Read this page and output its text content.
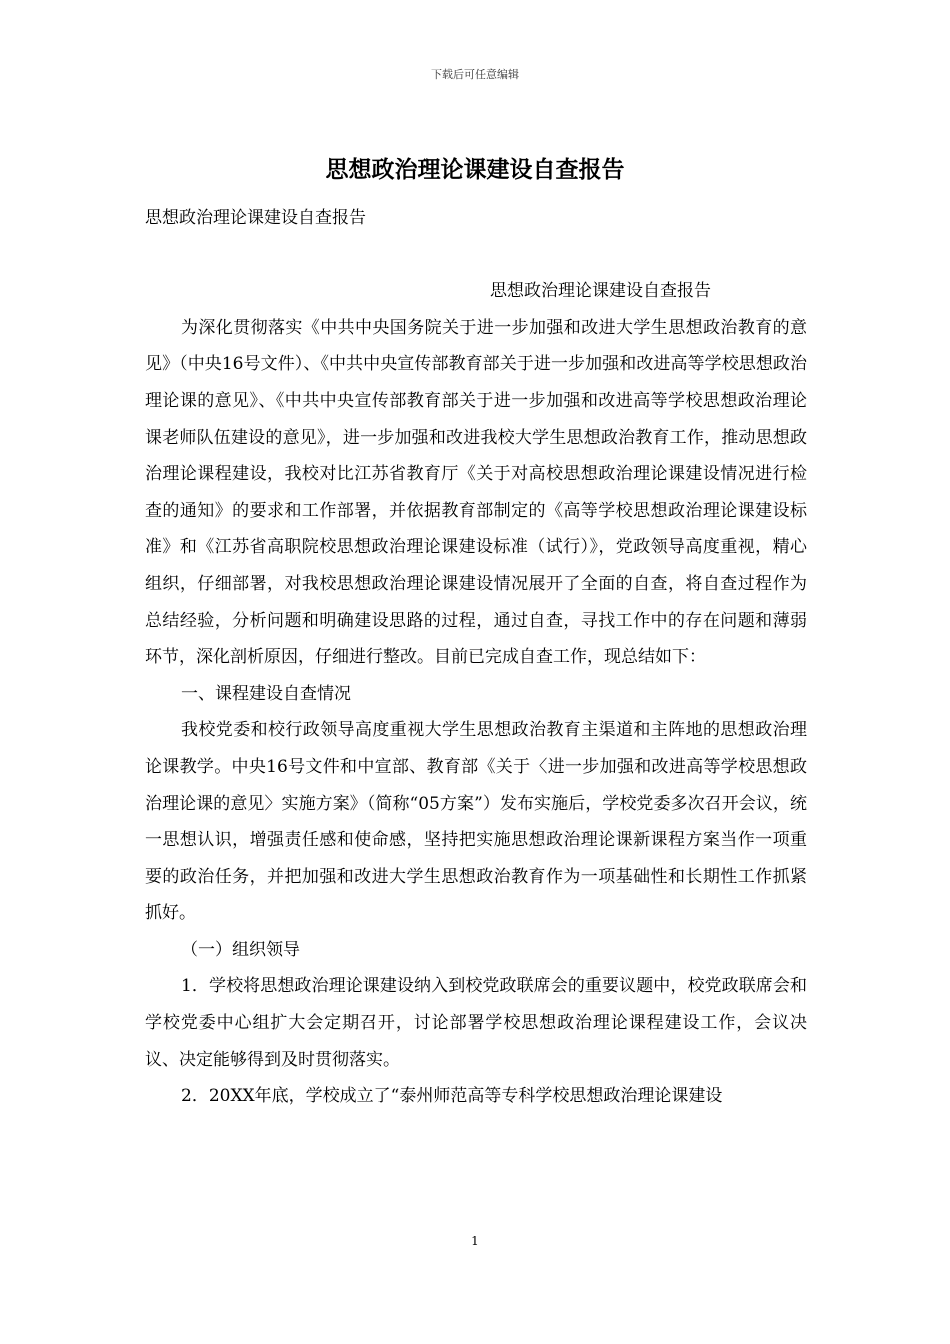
下载后可任意编辑
思想政治理论课建设自查报告

思想政治理论课建设自查报告

思想政治理论课建设自查报告

为深化贯彻落实《中共中央国务院关于进一步加强和改进大学生思想政治教育的意见》（中央16号文件）、《中共中央宣传部教育部关于进一步加强和改进高等学校思想政治理论课的意见》、《中共中央宣传部教育部关于进一步加强和改进高等学校思想政治理论课老师队伍建设的意见》，进一步加强和改进我校大学生思想政治教育工作，推动思想政治理论课程建设，我校对比江苏省教育厅《关于对高校思想政治理论课建设情况进行检查的通知》的要求和工作部署，并依据教育部制定的《高等学校思想政治理论课建设标准》和《江苏省高职院校思想政治理论课建设标准（试行）》，党政领导高度重视，精心组织，仔细部署，对我校思想政治理论课建设情况展开了全面的自查，将自查过程作为总结经验，分析问题和明确建设思路的过程，通过自查，寻找工作中的存在问题和薄弱环节，深化剖析原因，仔细进行整改。目前已完成自查工作，现总结如下：

一、课程建设自查情况

我校党委和校行政领导高度重视大学生思想政治教育主渠道和主阵地的思想政治理论课教学。中央16号文件和中宣部、教育部《关于〈进一步加强和改进高等学校思想政治理论课的意见〉实施方案》（简称“05方案”）发布实施后，学校党委多次召开会议，统一思想认识，增强责任感和使命感，坚持把实施思想政治理论课新课程方案当作一项重要的政治任务，并把加强和改进大学生思想政治教育作为一项基础性和长期性工作抓紧抓好。

（一）组织领导

1．学校将思想政治理论课建设纳入到校党政联席会的重要议题中，校党政联席会和学校党委中心组扩大会定期召开，讨论部署学校思想政治理论课程建设工作，会议决议、决定能够得到及时贯彻落实。

2．20XX年底，学校成立了“泰州师范高等专科学校思想政治理论课建设

1
